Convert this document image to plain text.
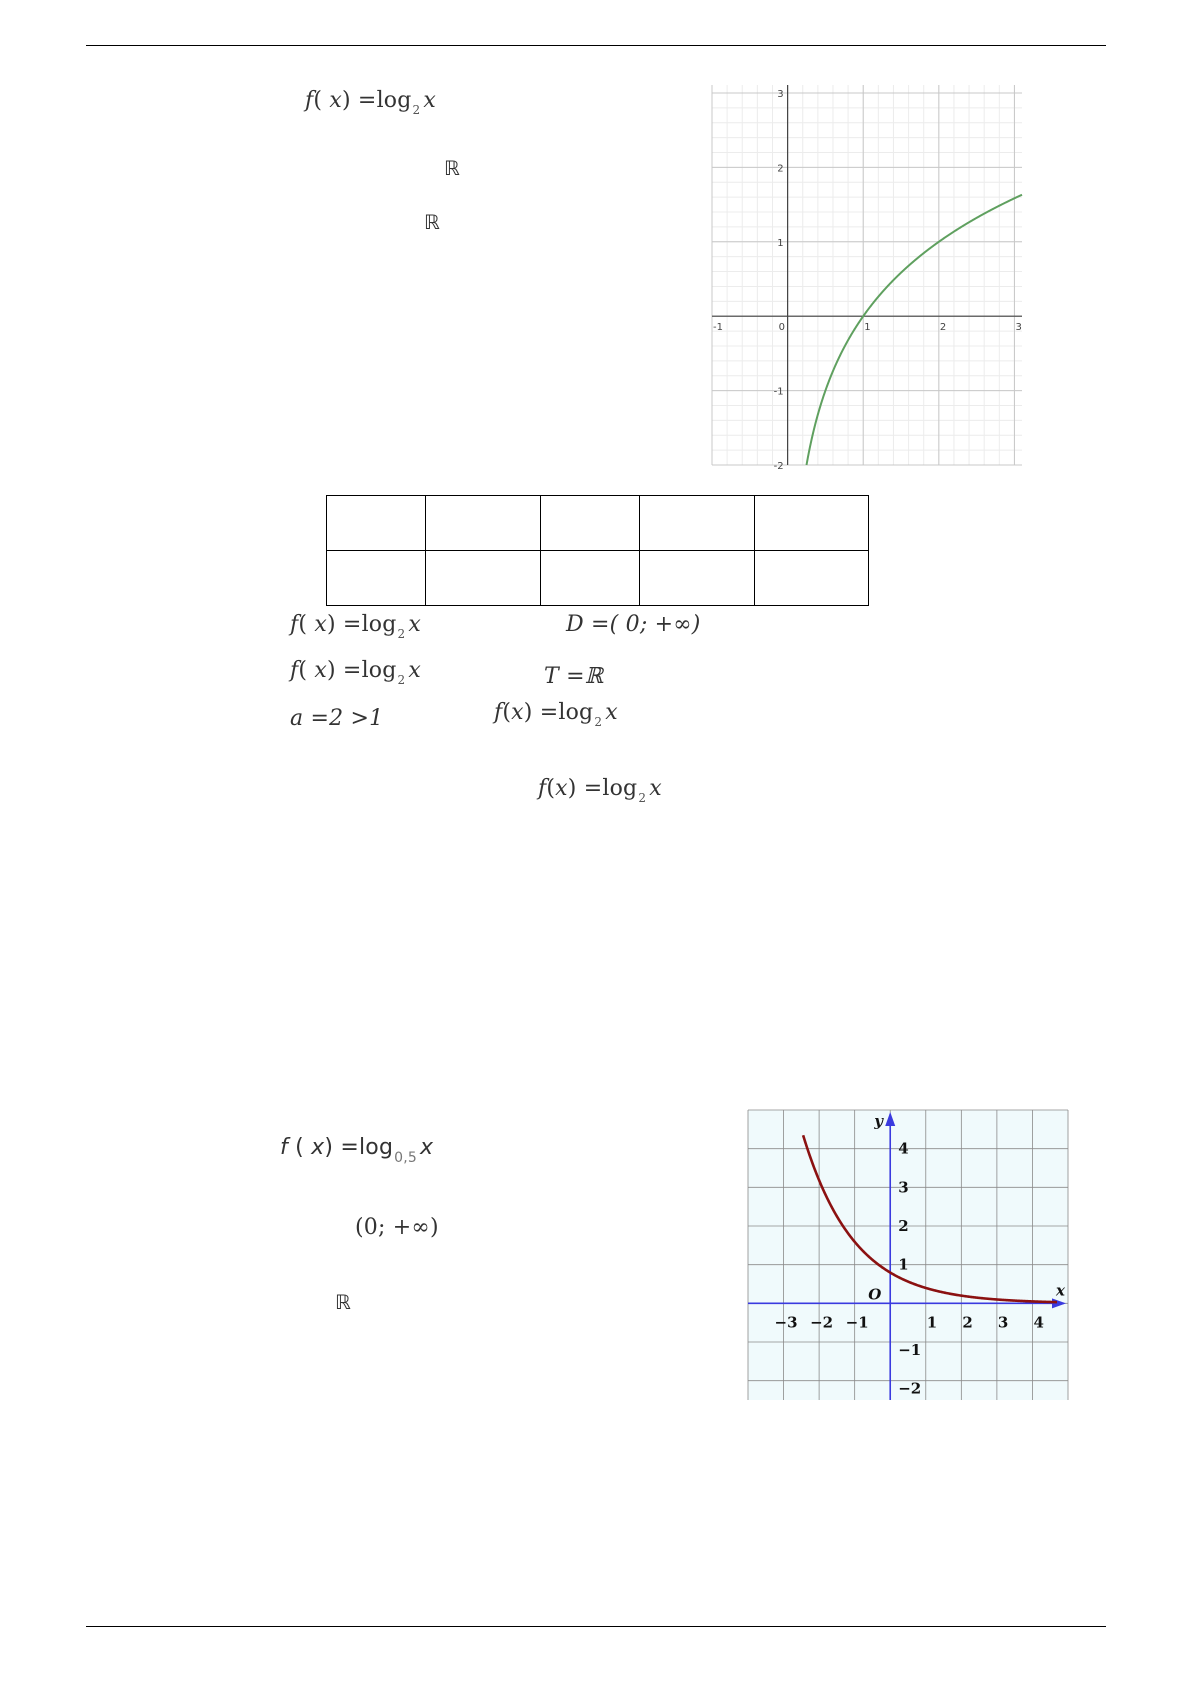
f( $x) =\log_2$ x
ℝ
ℝ
-1	0	1	2	3
3
2
1
-1
-2

f( $x) =\log_2$ x	D =( 0; +∞)
f( $x) =\log_2$ x	T =ℝ
a =2 >1	$f(x) =\log_2$ x
$f(x) =\log_2$ x
f ( $x) =\log_{0,5}$ x
(0; +∞)
ℝ	x
y
O
−3 −2 −1	1 2 3 4
4
3
2
1
−1
−2
